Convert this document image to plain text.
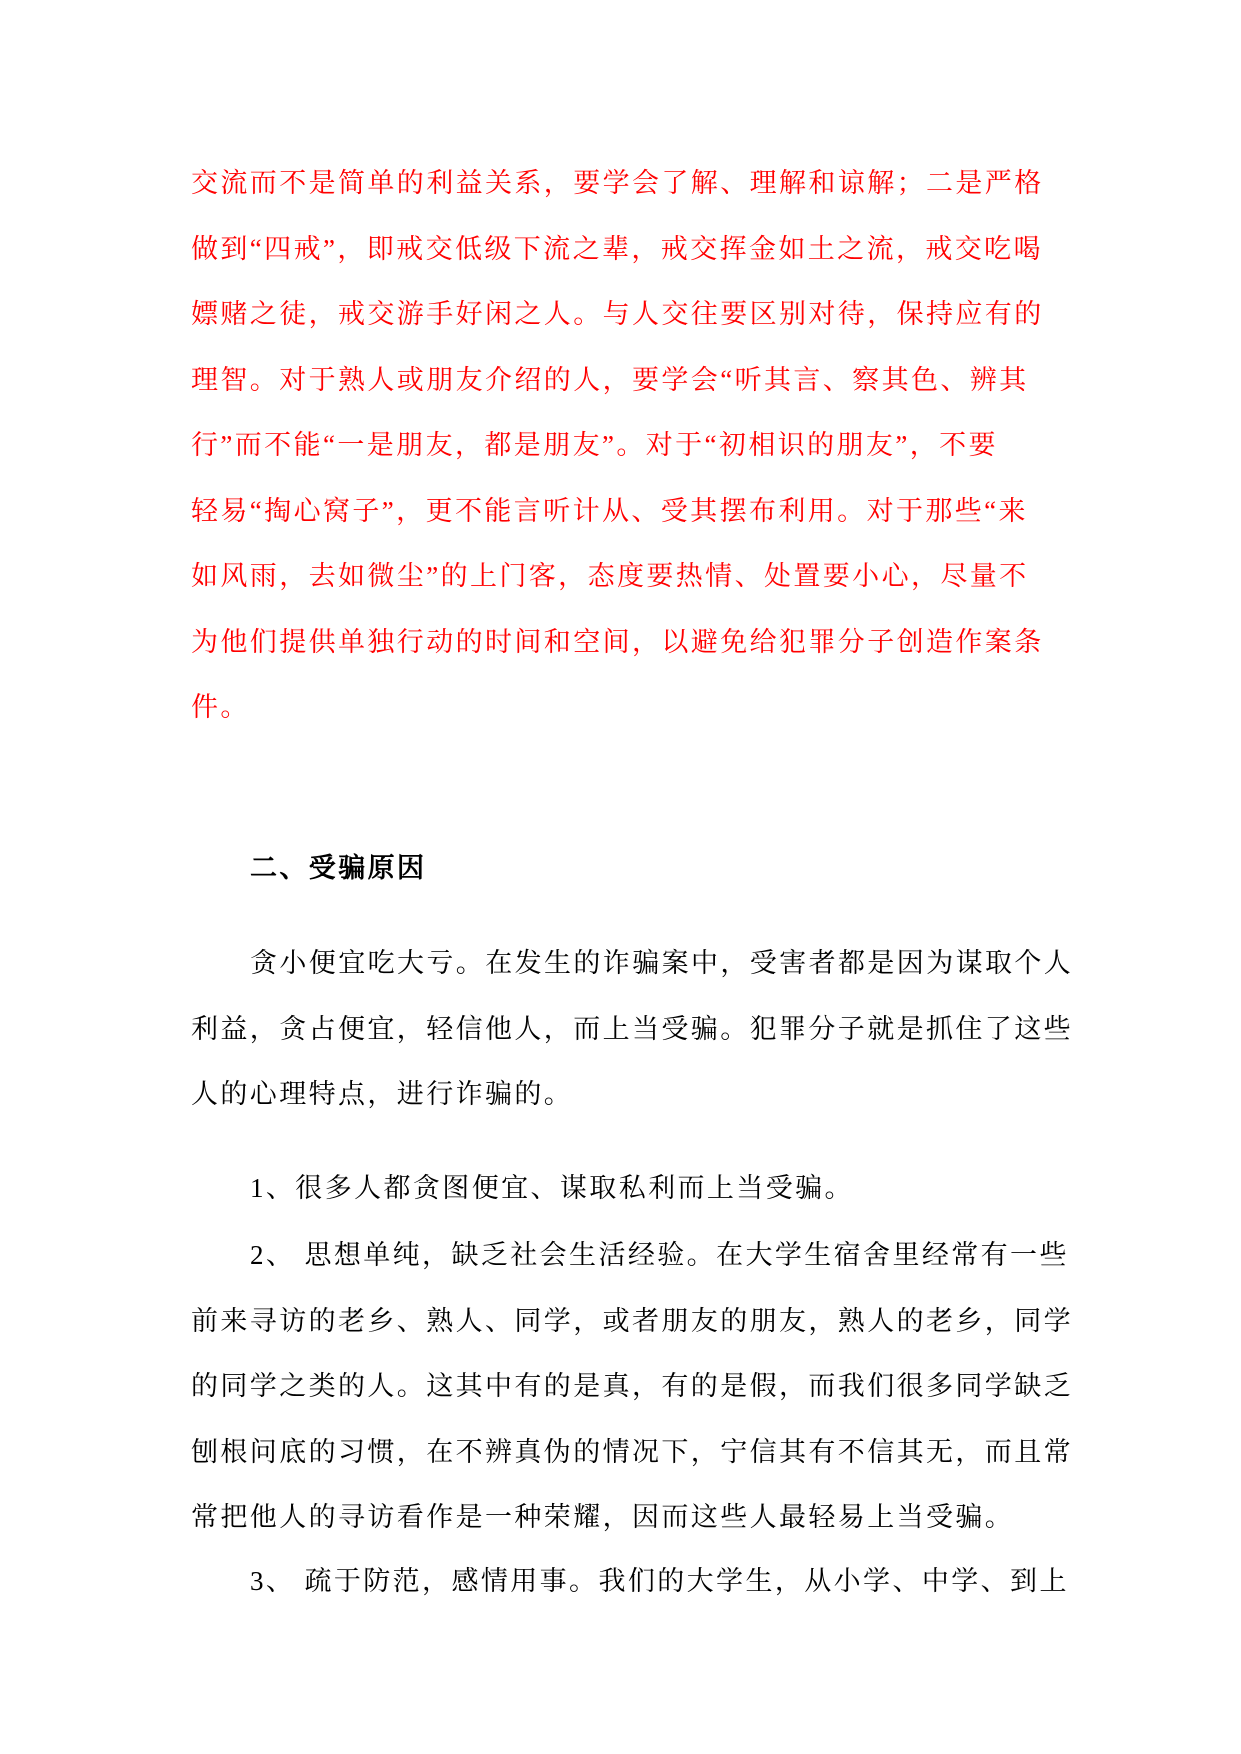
交流而不是简单的利益关系，要学会了解、理解和谅解；二是严格
做到“四戒”，即戒交低级下流之辈，戒交挥金如土之流，戒交吃喝
嫖赌之徒，戒交游手好闲之人。与人交往要区别对待，保持应有的
理智。对于熟人或朋友介绍的人，要学会“听其言、察其色、辨其
行”而不能“一是朋友，都是朋友”。对于“初相识的朋友”，不要
轻易“掏心窝子”，更不能言听计从、受其摆布利用。对于那些“来
如风雨，去如微尘”的上门客，态度要热情、处置要小心，尽量不
为他们提供单独行动的时间和空间，以避免给犯罪分子创造作案条
件。
二、受骗原因
贪小便宜吃大亏。在发生的诈骗案中，受害者都是因为谋取个人
利益，贪占便宜，轻信他人，而上当受骗。犯罪分子就是抓住了这些
人的心理特点，进行诈骗的。
1、很多人都贪图便宜、谋取私利而上当受骗。
2、 思想单纯，缺乏社会生活经验。在大学生宿舍里经常有一些
前来寻访的老乡、熟人、同学，或者朋友的朋友，熟人的老乡，同学
的同学之类的人。这其中有的是真，有的是假，而我们很多同学缺乏
刨根问底的习惯，在不辨真伪的情况下，宁信其有不信其无，而且常
常把他人的寻访看作是一种荣耀，因而这些人最轻易上当受骗。
3、 疏于防范，感情用事。我们的大学生，从小学、中学、到上
